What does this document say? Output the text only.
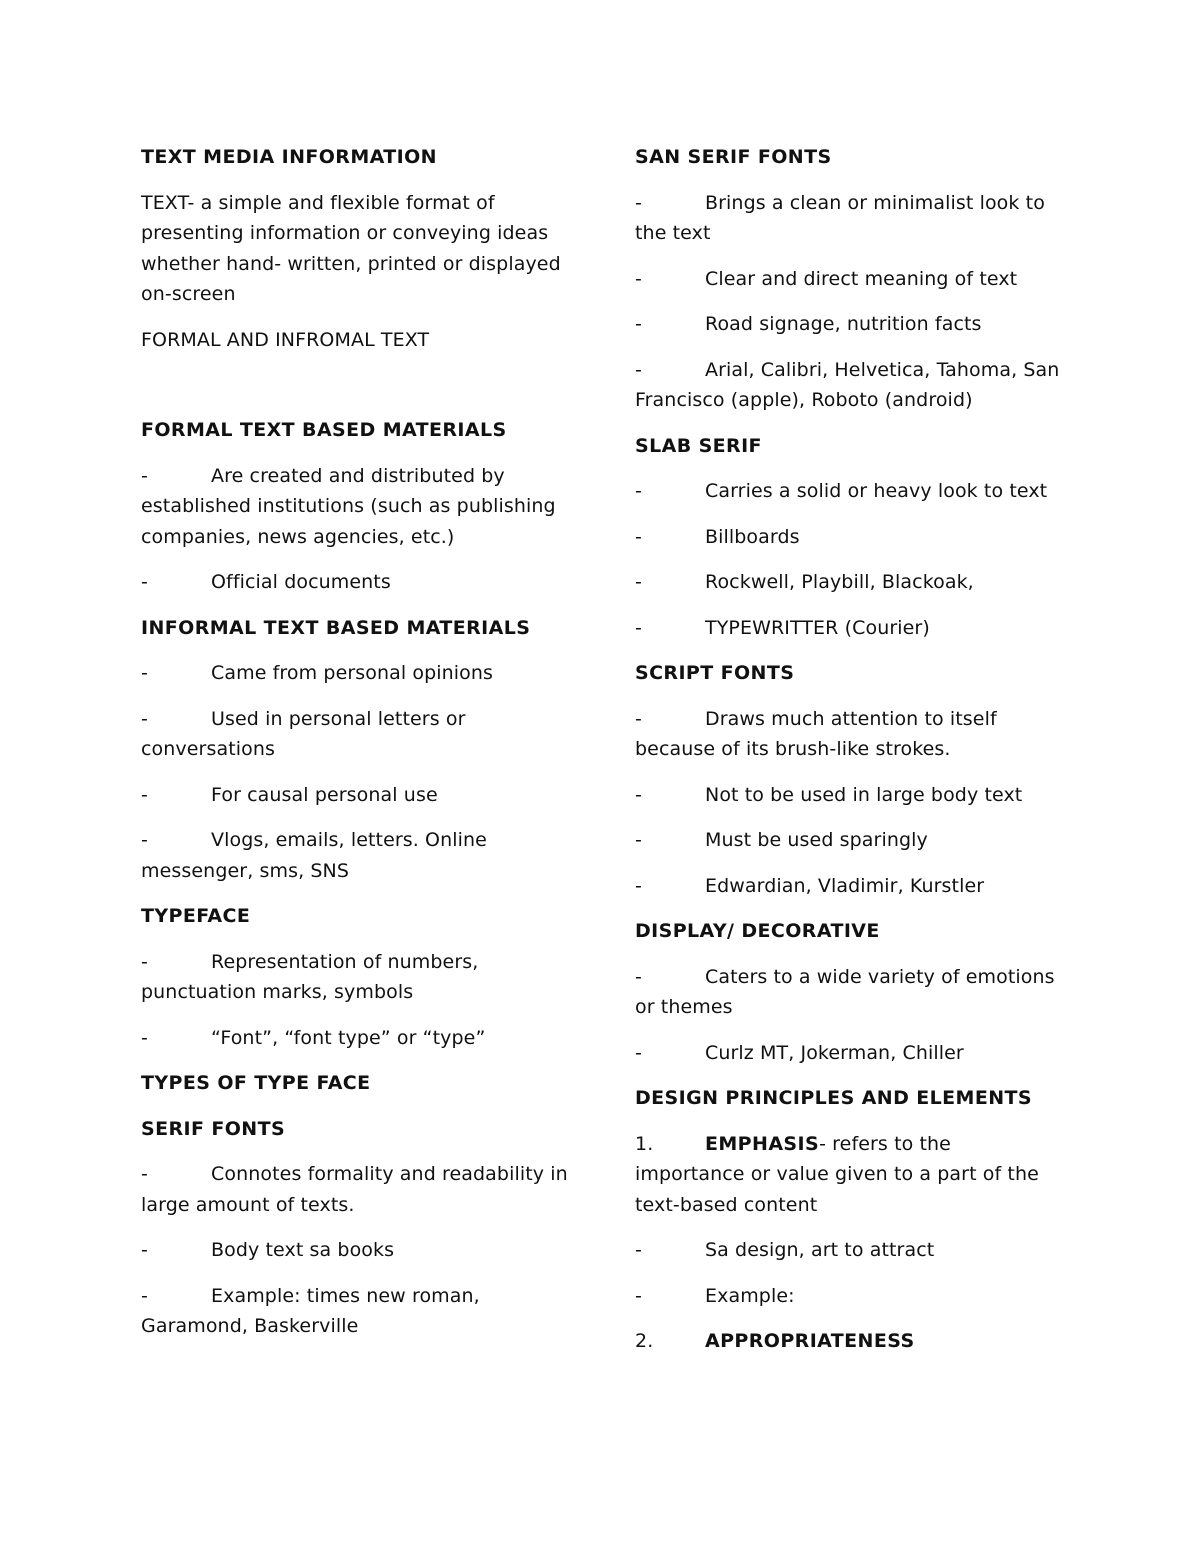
TEXT MEDIA INFORMATION

TEXT- a simple and flexible format of presenting information or conveying ideas whether hand- written, printed or displayed on-screen

FORMAL AND INFROMAL TEXT

FORMAL TEXT BASED MATERIALS

-	Are created and distributed by established institutions (such as publishing companies, news agencies, etc.)

-	Official documents

INFORMAL TEXT BASED MATERIALS

-	Came from personal opinions

-	Used in personal letters or conversations

-	For causal personal use

-	Vlogs, emails, letters. Online messenger, sms, SNS

TYPEFACE

-	Representation of numbers, punctuation marks, symbols

-	“Font”, “font type” or “type”

TYPES OF TYPE FACE

SERIF FONTS

-	Connotes formality and readability in large amount of texts.

-	Body text sa books

-	Example: times new roman, Garamond, Baskerville

SAN SERIF FONTS

-	Brings a clean or minimalist look to the text

-	Clear and direct meaning of text

-	Road signage, nutrition facts

-	Arial, Calibri, Helvetica, Tahoma, San Francisco (apple), Roboto (android)

SLAB SERIF

-	Carries a solid or heavy look to text

-	Billboards

-	Rockwell, Playbill, Blackoak,

-	TYPEWRITTER (Courier)

SCRIPT FONTS

-	Draws much attention to itself because of its brush-like strokes.

-	Not to be used in large body text

-	Must be used sparingly

-	Edwardian, Vladimir, Kurstler

DISPLAY/ DECORATIVE

-	Caters to a wide variety of emotions or themes

-	Curlz MT, Jokerman, Chiller

DESIGN PRINCIPLES AND ELEMENTS

1.	EMPHASIS- refers to the importance or value given to a part of the text-based content

-	Sa design, art to attract

-	Example:

2.	APPROPRIATENESS
